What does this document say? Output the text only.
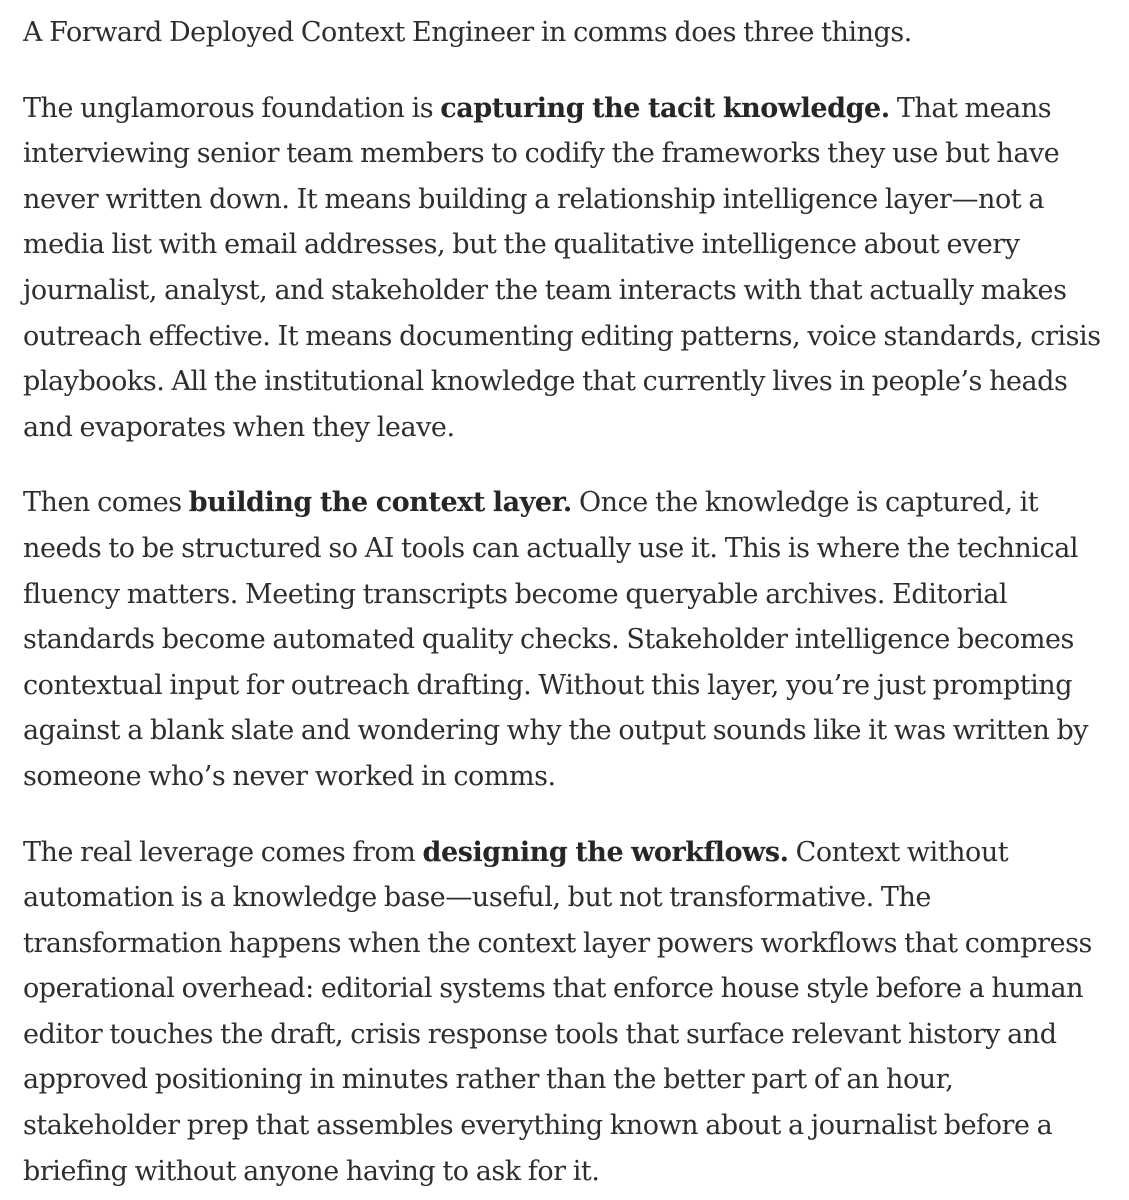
A Forward Deployed Context Engineer in comms does three things.

The unglamorous foundation is capturing the tacit knowledge. That means interviewing senior team members to codify the frameworks they use but have never written down. It means building a relationship intelligence layer—not a media list with email addresses, but the qualitative intelligence about every journalist, analyst, and stakeholder the team interacts with that actually makes outreach effective. It means documenting editing patterns, voice standards, crisis playbooks. All the institutional knowledge that currently lives in people’s heads and evaporates when they leave.

Then comes building the context layer. Once the knowledge is captured, it needs to be structured so AI tools can actually use it. This is where the technical fluency matters. Meeting transcripts become queryable archives. Editorial standards become automated quality checks. Stakeholder intelligence becomes contextual input for outreach drafting. Without this layer, you’re just prompting against a blank slate and wondering why the output sounds like it was written by someone who’s never worked in comms.

The real leverage comes from designing the workflows. Context without automation is a knowledge base—useful, but not transformative. The transformation happens when the context layer powers workflows that compress operational overhead: editorial systems that enforce house style before a human editor touches the draft, crisis response tools that surface relevant history and approved positioning in minutes rather than the better part of an hour, stakeholder prep that assembles everything known about a journalist before a briefing without anyone having to ask for it.
